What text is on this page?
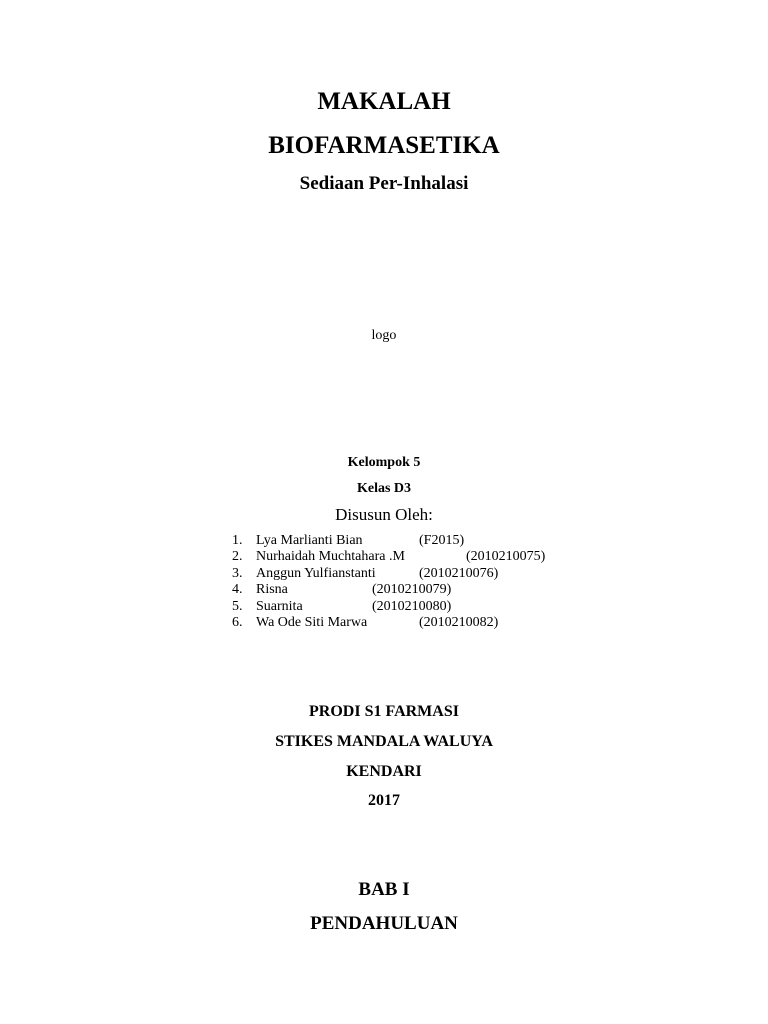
MAKALAH
BIOFARMASETIKA
Sediaan Per-Inhalasi
logo
Kelompok 5
Kelas D3
Disusun Oleh:
1. Lya Marlianti Bian	(F2015)
2. Nurhaidah Muchtahara .M	(2010210075)
3. Anggun Yulfianstanti	(2010210076)
4. Risna	(2010210079)
5. Suarnita	(2010210080)
6. Wa Ode Siti Marwa	(2010210082)
PRODI S1 FARMASI
STIKES MANDALA WALUYA
KENDARI
2017
BAB I
PENDAHULUAN
